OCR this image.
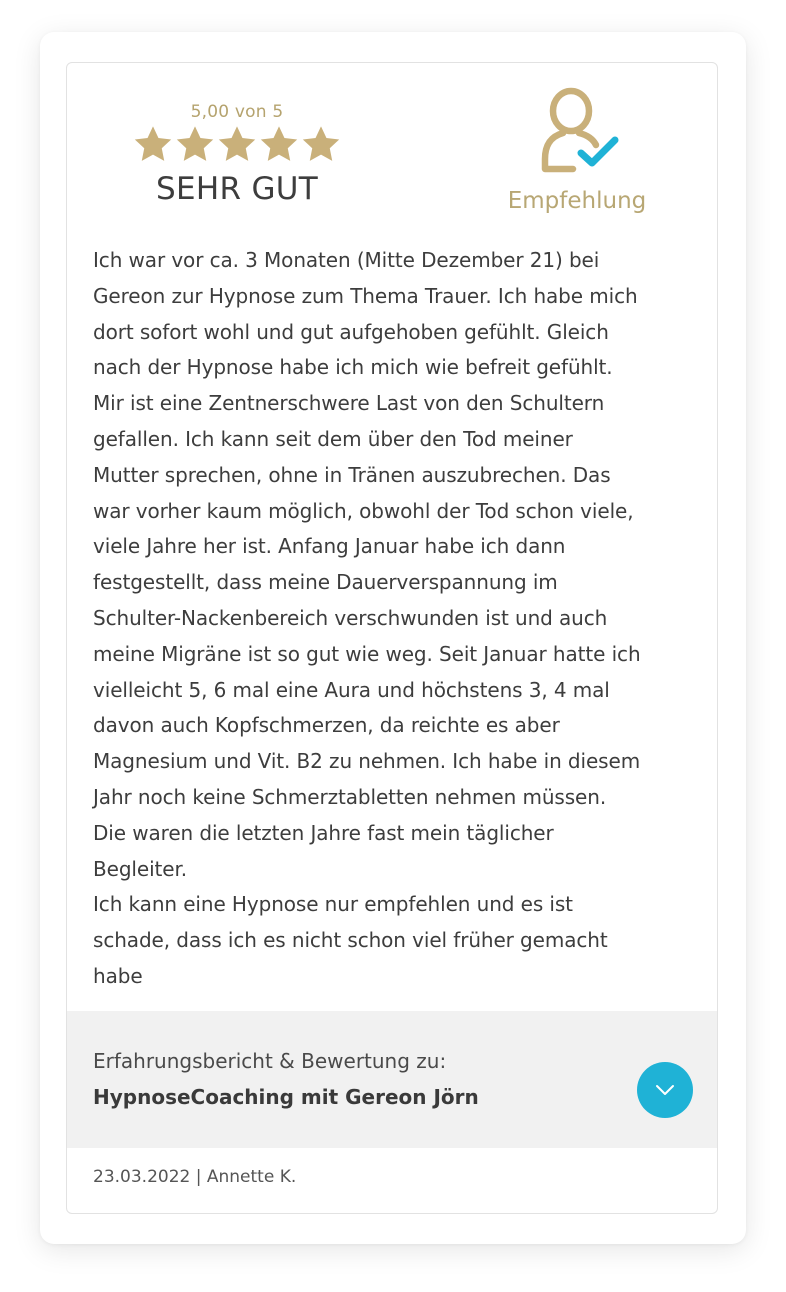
5,00 von 5
SEHR GUT	Empfehlung
Ich war vor ca. 3 Monaten (Mitte Dezember 21) bei
Gereon zur Hypnose zum Thema Trauer. Ich habe mich
dort sofort wohl und gut aufgehoben gefühlt. Gleich
nach der Hypnose habe ich mich wie befreit gefühlt.
Mir ist eine Zentnerschwere Last von den Schultern
gefallen. Ich kann seit dem über den Tod meiner
Mutter sprechen, ohne in Tränen auszubrechen. Das
war vorher kaum möglich, obwohl der Tod schon viele,
viele Jahre her ist. Anfang Januar habe ich dann
festgestellt, dass meine Dauerverspannung im
Schulter-Nackenbereich verschwunden ist und auch
meine Migräne ist so gut wie weg. Seit Januar hatte ich
vielleicht 5, 6 mal eine Aura und höchstens 3, 4 mal
davon auch Kopfschmerzen, da reichte es aber
Magnesium und Vit. B2 zu nehmen. Ich habe in diesem
Jahr noch keine Schmerztabletten nehmen müssen.
Die waren die letzten Jahre fast mein täglicher
Begleiter.
Ich kann eine Hypnose nur empfehlen und es ist
schade, dass ich es nicht schon viel früher gemacht
habe
Erfahrungsbericht & Bewertung zu:
HypnoseCoaching mit Gereon Jörn
23.03.2022 | Annette K.
